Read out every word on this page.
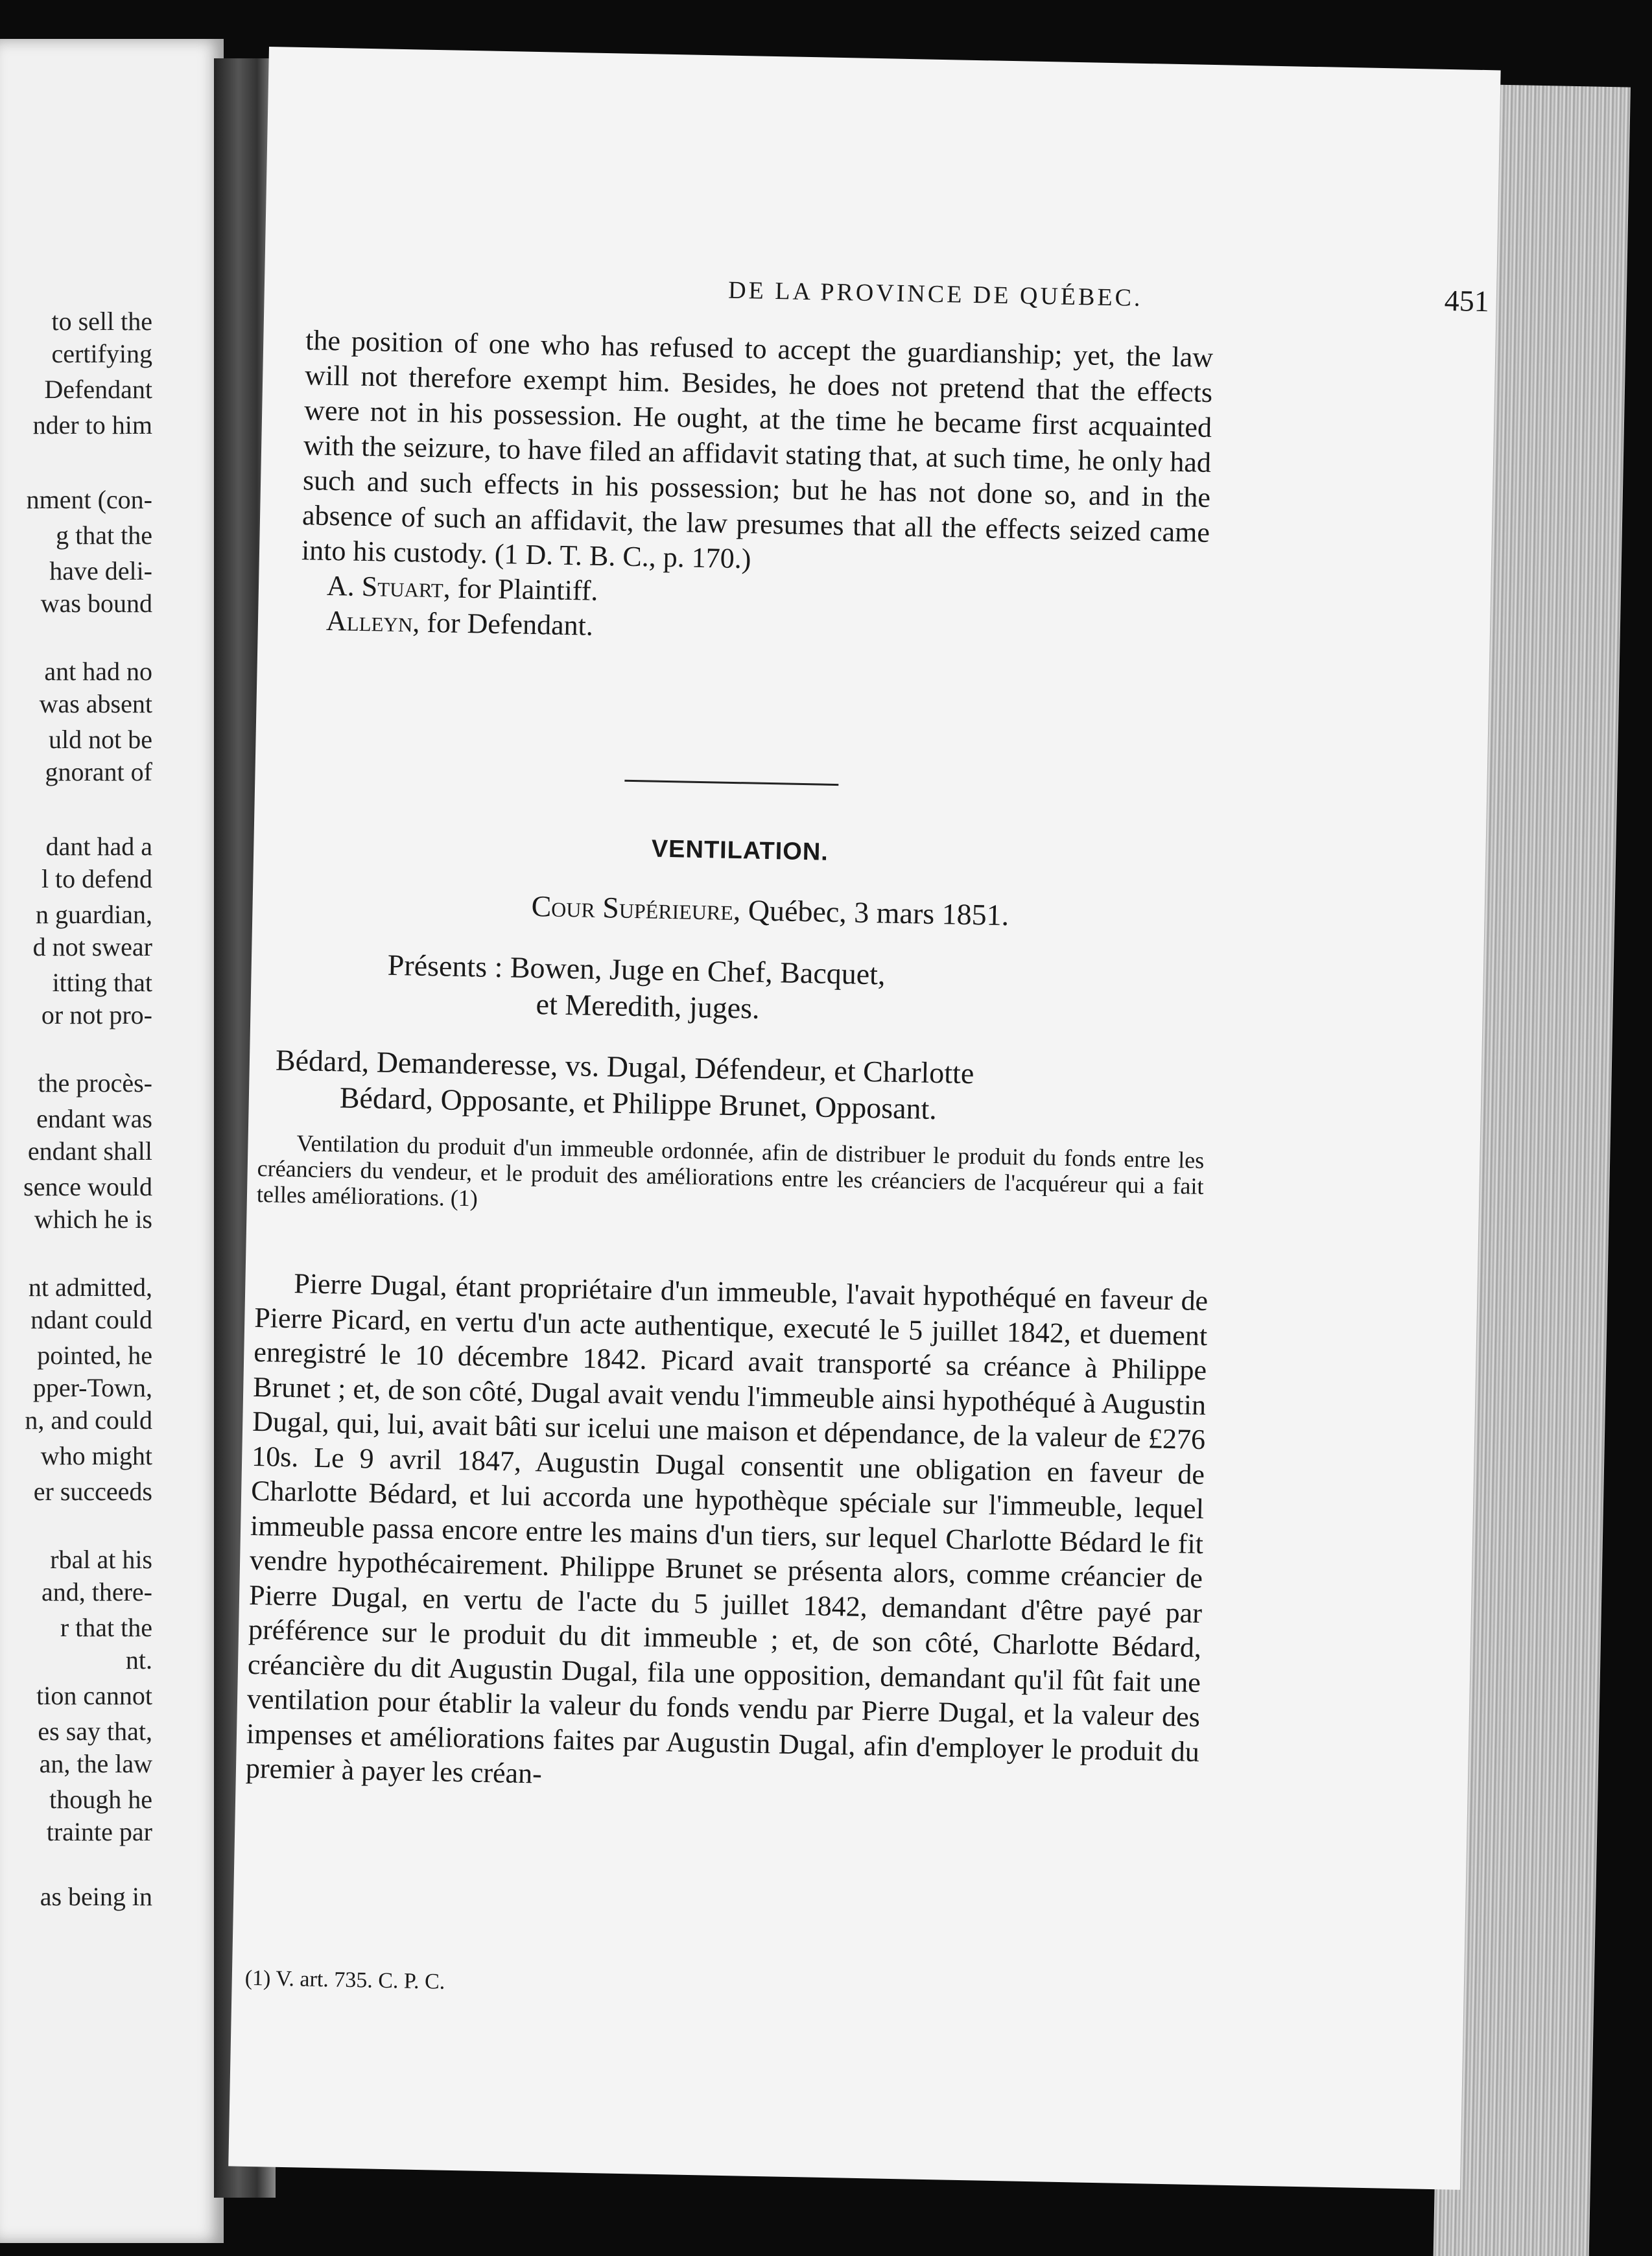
to sell the
certifying
Defendant
nder to him
nment (con-
g that the
have deli-
was bound
ant had no
was absent
uld not be
gnorant of
dant had a
l to defend
n guardian,
d not swear
itting that
or not pro-
the procès-
endant was
endant shall
sence would
which he is
nt admitted,
ndant could
pointed, he
pper-Town,
n, and could
who might
er succeeds
rbal at his
and, there-
r that the
nt.
tion cannot
es say that,
an, the law
though he
trainte par
as being in
DE LA PROVINCE DE QUÉBEC.	451

the position of one who has refused to accept the guardianship; yet, the law will not therefore exempt him. Besides, he does not pretend that the effects were not in his possession. He ought, at the time he became first acquainted with the seizure, to have filed an affidavit stating that, at such time, he only had such and such effects in his possession; but he has not done so, and in the absence of such an affidavit, the law presumes that all the effects seized came into his custody. (1 D. T. B. C., p. 170.)

A. Stuart, for Plaintiff.

Alleyn, for Defendant.

VENTILATION.
Cour Supérieure, Québec, 3 mars 1851.
Présents : Bowen, Juge en Chef, Bacquet,
et Meredith, juges.
Bédard, Demanderesse, vs. Dugal, Défendeur, et Charlotte
Bédard, Opposante, et Philippe Brunet, Opposant.
Ventilation du produit d'un immeuble ordonnée, afin de distribuer le produit du fonds entre les créanciers du vendeur, et le produit des améliorations entre les créanciers de l'acquéreur qui a fait telles améliorations. (1)

Pierre Dugal, étant propriétaire d'un immeuble, l'avait hypothéqué en faveur de Pierre Picard, en vertu d'un acte authentique, executé le 5 juillet 1842, et duement enregistré le 10 décembre 1842. Picard avait transporté sa créance à Philippe Brunet ; et, de son côté, Dugal avait vendu l'immeuble ainsi hypothéqué à Augustin Dugal, qui, lui, avait bâti sur icelui une maison et dépendance, de la valeur de £276 10s. Le 9 avril 1847, Augustin Dugal consentit une obligation en faveur de Charlotte Bédard, et lui accorda une hypothèque spéciale sur l'immeuble, lequel immeuble passa encore entre les mains d'un tiers, sur lequel Charlotte Bédard le fit vendre hypothécairement. Philippe Brunet se présenta alors, comme créancier de Pierre Dugal, en vertu de l'acte du 5 juillet 1842, demandant d'être payé par préférence sur le produit du dit immeuble ; et, de son côté, Charlotte Bédard, créancière du dit Augustin Dugal, fila une opposition, demandant qu'il fût fait une ventilation pour établir la valeur du fonds vendu par Pierre Dugal, et la valeur des impenses et améliorations faites par Augustin Dugal, afin d'employer le produit du premier à payer les créan-

(1) V. art. 735. C. P. C.
